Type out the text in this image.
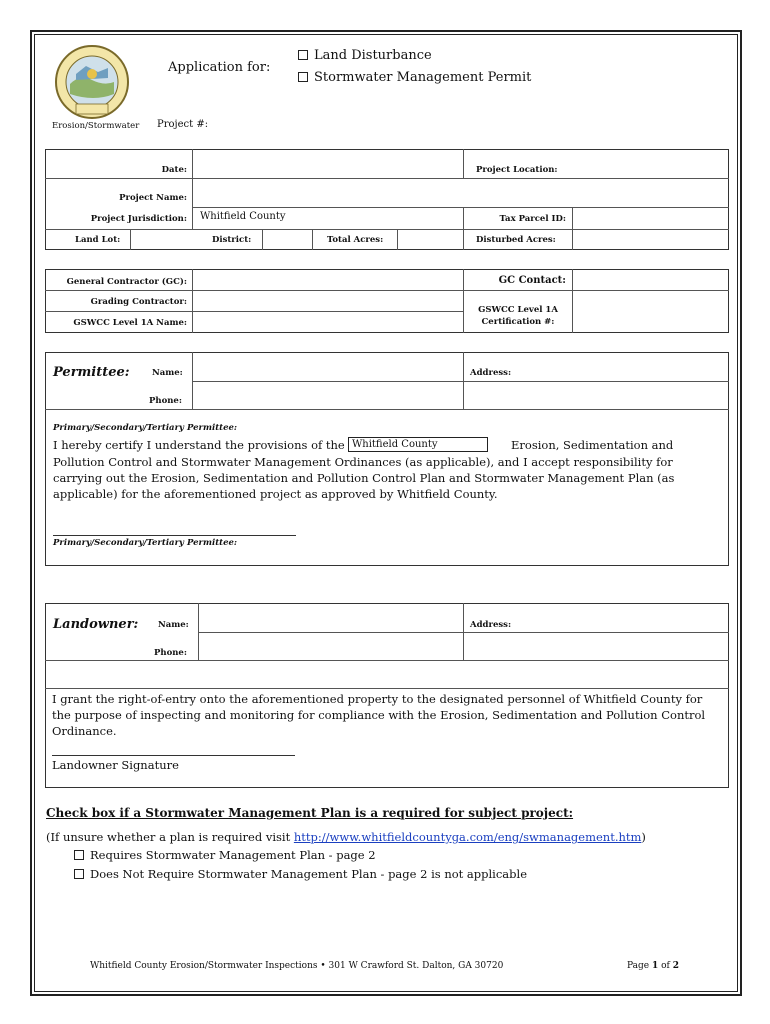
Application for:
Land Disturbance
Stormwater Management Permit
Erosion/Stormwater Project #:
Date:	Project Location:
Project Name:
Project Jurisdiction: Whitfield County	Tax Parcel ID:
Land Lot:	District:	Total Acres:	Disturbed Acres:
General Contractor (GC):	GC Contact:
Grading Contractor:
GSWCC Level 1A Name:
GSWCC Level 1A
Certification #:
Permittee:	Name:	Address:
Phone:
Primary/Secondary/Tertiary Permittee:
I hereby certify I understand the provisions of the Whitfield County	Erosion, Sedimentation and
Pollution Control and Stormwater Management Ordinances (as applicable), and I accept responsibility for
carrying out the Erosion, Sedimentation and Pollution Control Plan and Stormwater Management Plan (as
applicable) for the aforementioned project as approved by Whitfield County.
Primary/Secondary/Tertiary Permittee:
Landowner: Name:	Address:
Phone:
I grant the right-of-entry onto the aforementioned property to the designated personnel of Whitfield County for
the purpose of inspecting and monitoring for compliance with the Erosion, Sedimentation and Pollution Control
Ordinance.
Landowner Signature
Check box if a Stormwater Management Plan is a required for subject project:
(If unsure whether a plan is required visit http://www.whitfieldcountyga.com/eng/swmanagement.htm)
Requires Stormwater Management Plan - page 2
Does Not Require Stormwater Management Plan - page 2 is not applicable
Whitfield County Erosion/Stormwater Inspections • 301 W Crawford St. Dalton, GA 30720	Page 1 of 2
